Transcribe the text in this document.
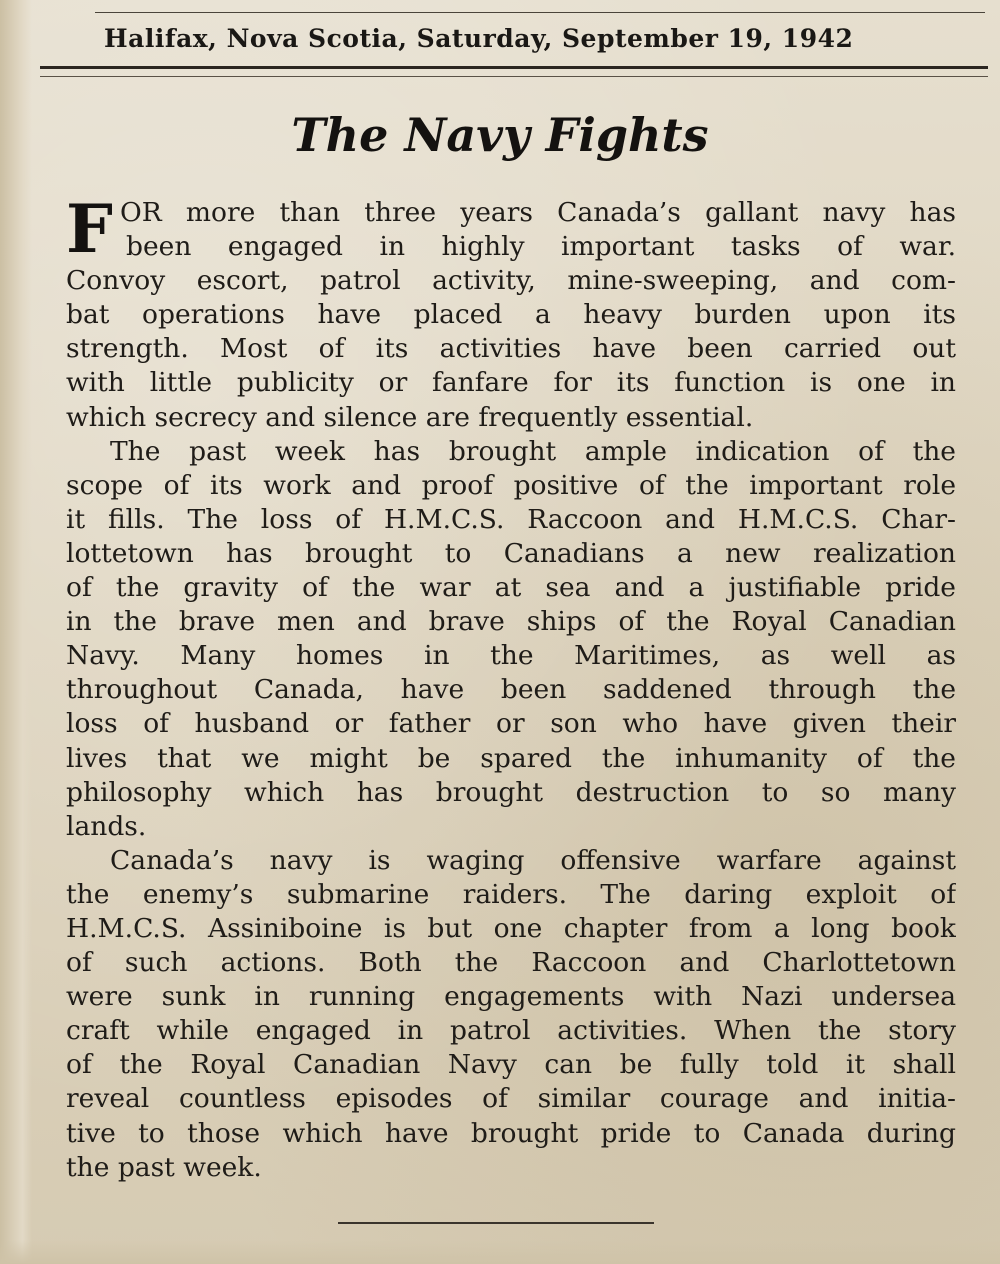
Halifax, Nova Scotia, Saturday, September 19, 1942
The Navy Fights
F OR more than three years Canada’s gallant navy has
been engaged in highly important tasks of war.
Convoy escort, patrol activity, mine-sweeping, and com-
bat operations have placed a heavy burden upon its
strength. Most of its activities have been carried out
with little publicity or fanfare for its function is one in
which secrecy and silence are frequently essential.
The past week has brought ample indication of the
scope of its work and proof positive of the important role
it fills. The loss of H.M.C.S. Raccoon and H.M.C.S. Char-
lottetown has brought to Canadians a new realization
of the gravity of the war at sea and a justifiable pride
in the brave men and brave ships of the Royal Canadian
Navy. Many homes in the Maritimes, as well as
throughout Canada, have been saddened through the
loss of husband or father or son who have given their
lives that we might be spared the inhumanity of the
philosophy which has brought destruction to so many
lands.
Canada’s navy is waging offensive warfare against
the enemy’s submarine raiders. The daring exploit of
H.M.C.S. Assiniboine is but one chapter from a long book
of such actions. Both the Raccoon and Charlottetown
were sunk in running engagements with Nazi undersea
craft while engaged in patrol activities. When the story
of the Royal Canadian Navy can be fully told it shall
reveal countless episodes of similar courage and initia-
tive to those which have brought pride to Canada during
the past week.
